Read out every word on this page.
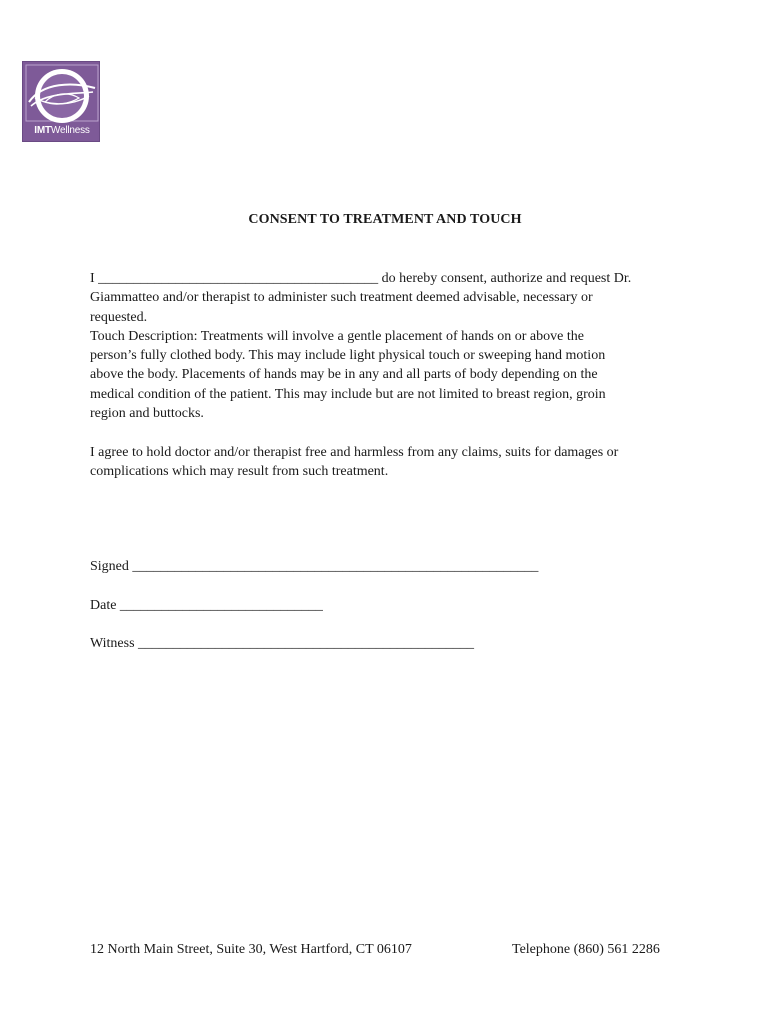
IMTWellness
CONSENT TO TREATMENT AND TOUCH

I ________________________________________ do hereby consent, authorize and request Dr.

Giammatteo and/or therapist to administer such treatment deemed advisable, necessary or

requested.

Touch Description: Treatments will involve a gentle placement of hands on or above the

person’s fully clothed body. This may include light physical touch or sweeping hand motion

above the body. Placements of hands may be in any and all parts of body depending on the

medical condition of the patient. This may include but are not limited to breast region, groin

region and buttocks.

I agree to hold doctor and/or therapist free and harmless from any claims, suits for damages or

complications which may result from such treatment.

Signed __________________________________________________________
Date _____________________________
Witness ________________________________________________
12 North Main Street, Suite 30, West Hartford, CT 06107	Telephone (860) 561 2286
